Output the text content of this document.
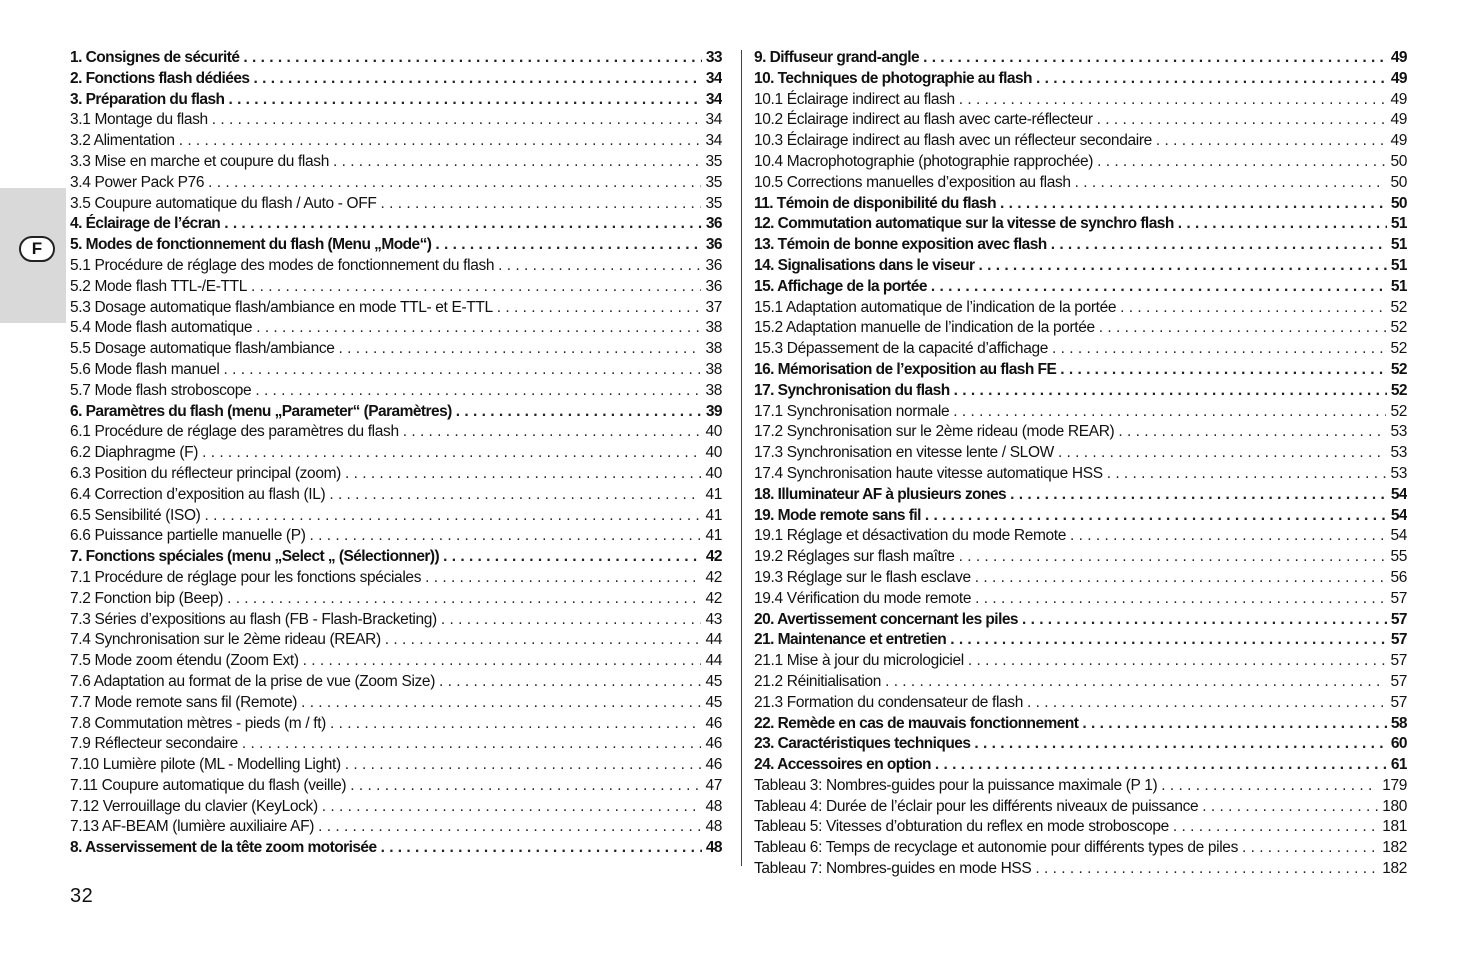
F
1. Consignes de sécurité . . .	33
2. Fonctions flash dédiées . . .	34
3. Préparation du flash . . .	34
3.1 Montage du flash . . .	34
3.2 Alimentation . . .	34
3.3 Mise en marche et coupure du flash . . .	35
3.4 Power Pack P76 . . .	35
3.5 Coupure automatique du flash / Auto - OFF . . .	35
4. Éclairage de l’écran . . .	36
5. Modes de fonctionnement du flash (Menu „Mode“) . . .	36
5.1 Procédure de réglage des modes de fonctionnement du flash . . .	36
5.2 Mode flash TTL-/E-TTL . . .	36
5.3 Dosage automatique flash/ambiance en mode TTL- et E-TTL . . .	37
5.4 Mode flash automatique . . .	38
5.5 Dosage automatique flash/ambiance . . .	38
5.6 Mode flash manuel . . .	38
5.7 Mode flash stroboscope . . .	38
6. Paramètres du flash (menu „Parameter“ (Paramètres) . . .	39
6.1 Procédure de réglage des paramètres du flash . . .	40
6.2 Diaphragme (F) . . .	40
6.3 Position du réflecteur principal (zoom) . . .	40
6.4 Correction d’exposition au flash (IL) . . .	41
6.5 Sensibilité (ISO) . . .	41
6.6 Puissance partielle manuelle (P) . . .	41
7. Fonctions spéciales (menu „Select „ (Sélectionner)) . . .	42
7.1 Procédure de réglage pour les fonctions spéciales . . .	42
7.2 Fonction bip (Beep) . . .	42
7.3 Séries d’expositions au flash (FB - Flash-Bracketing) . . .	43
7.4 Synchronisation sur le 2ème rideau (REAR) . . .	44
7.5 Mode zoom étendu (Zoom Ext) . . .	44
7.6 Adaptation au format de la prise de vue (Zoom Size) . . .	45
7.7 Mode remote sans fil (Remote) . . .	45
7.8 Commutation mètres - pieds (m / ft) . . .	46
7.9 Réflecteur secondaire . . .	46
7.10 Lumière pilote (ML - Modelling Light) . . .	46
7.11 Coupure automatique du flash (veille) . . .	47
7.12 Verrouillage du clavier (KeyLock) . . .	48
7.13 AF-BEAM (lumière auxiliaire AF) . . .	48
8. Asservissement de la tête zoom motorisée . . .	48
9. Diffuseur grand-angle . . .	49
10. Techniques de photographie au flash . . .	49
10.1 Éclairage indirect au flash . . .	49
10.2 Éclairage indirect au flash avec carte-réflecteur . . .	49
10.3 Éclairage indirect au flash avec un réflecteur secondaire . . .	49
10.4 Macrophotographie (photographie rapprochée) . . .	50
10.5 Corrections manuelles d’exposition au flash . . .	50
11. Témoin de disponibilité du flash . . .	50
12. Commutation automatique sur la vitesse de synchro flash . . .	51
13. Témoin de bonne exposition avec flash . . .	51
14. Signalisations dans le viseur . . .	51
15. Affichage de la portée . . .	51
15.1 Adaptation automatique de l’indication de la portée . . .	52
15.2 Adaptation manuelle de l’indication de la portée . . .	52
15.3 Dépassement de la capacité d’affichage . . .	52
16. Mémorisation de l’exposition au flash FE . . .	52
17. Synchronisation du flash . . .	52
17.1 Synchronisation normale . . .	52
17.2 Synchronisation sur le 2ème rideau (mode REAR) . . .	53
17.3 Synchronisation en vitesse lente / SLOW . . .	53
17.4 Synchronisation haute vitesse automatique HSS . . .	53
18. Illuminateur AF à plusieurs zones . . .	54
19. Mode remote sans fil . . .	54
19.1 Réglage et désactivation du mode Remote . . .	54
19.2 Réglages sur flash maître . . .	55
19.3 Réglage sur le flash esclave . . .	56
19.4 Vérification du mode remote . . .	57
20. Avertissement concernant les piles . . .	57
21. Maintenance et entretien . . .	57
21.1 Mise à jour du micrologiciel . . .	57
21.2 Réinitialisation . . .	57
21.3 Formation du condensateur de flash . . .	57
22. Remède en cas de mauvais fonctionnement . . .	58
23. Caractéristiques techniques . . .	60
24. Accessoires en option . . .	61
Tableau 3: Nombres-guides pour la puissance maximale (P 1) . . .	179
Tableau 4: Durée de l’éclair pour les différents niveaux de puissance . . .	180
Tableau 5: Vitesses d’obturation du reflex en mode stroboscope . . .	181
Tableau 6: Temps de recyclage et autonomie pour différents types de piles . . .	182
Tableau 7: Nombres-guides en mode HSS . . .	182
32
